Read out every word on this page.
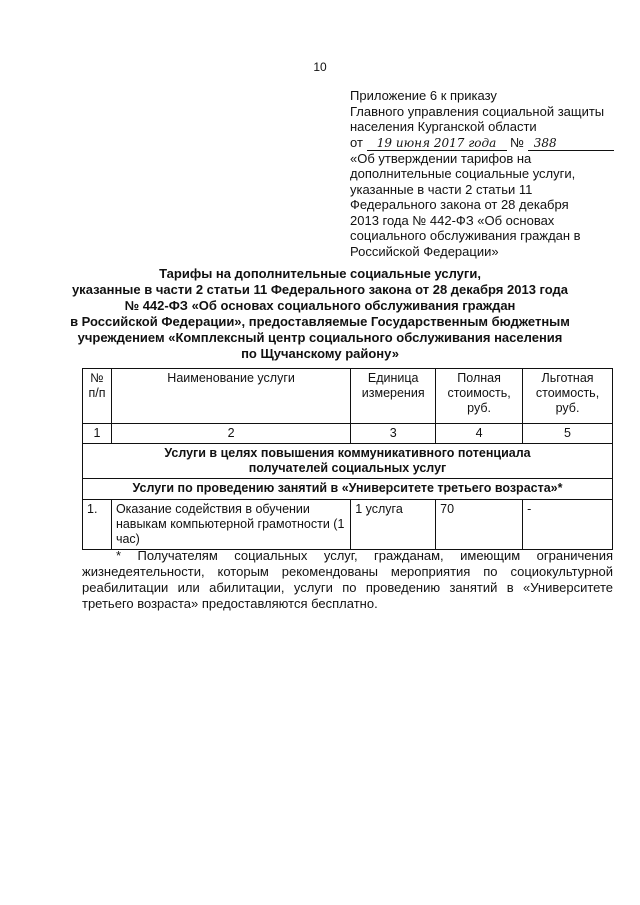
10
Приложение 6 к приказу
Главного управления социальной защиты
населения Курганской области
от 19 июня 2017 года № 388
«Об утверждении тарифов на
дополнительные социальные услуги,
указанные в части 2 статьи 11
Федерального закона от 28 декабря
2013 года № 442-ФЗ «Об основах
социального обслуживания граждан в
Российской Федерации»
Тарифы на дополнительные социальные услуги,
указанные в части 2 статьи 11 Федерального закона от 28 декабря 2013 года
№ 442-ФЗ «Об основах социального обслуживания граждан
в Российской Федерации», предоставляемые Государственным бюджетным
учреждением «Комплексный центр социального обслуживания населения
по Щучанскому району»
№ п/п	Наименование услуги	Единица измерения	Полная стоимость, руб.	Льготная стоимость, руб.
1	2	3	4	5
Услуги в целях повышения коммуникативного потенциала получателей социальных услуг				
Услуги по проведению занятий в «Университете третьего возраста»*				
1.	Оказание содействия в обучении навыкам компьютерной грамотности (1 час)	1 услуга	70	-
* Получателям социальных услуг, гражданам, имеющим ограничения жизнедеятельности, которым рекомендованы мероприятия по социокультурной реабилитации или абилитации, услуги по проведению занятий в «Университете третьего возраста» предоставляются бесплатно.
